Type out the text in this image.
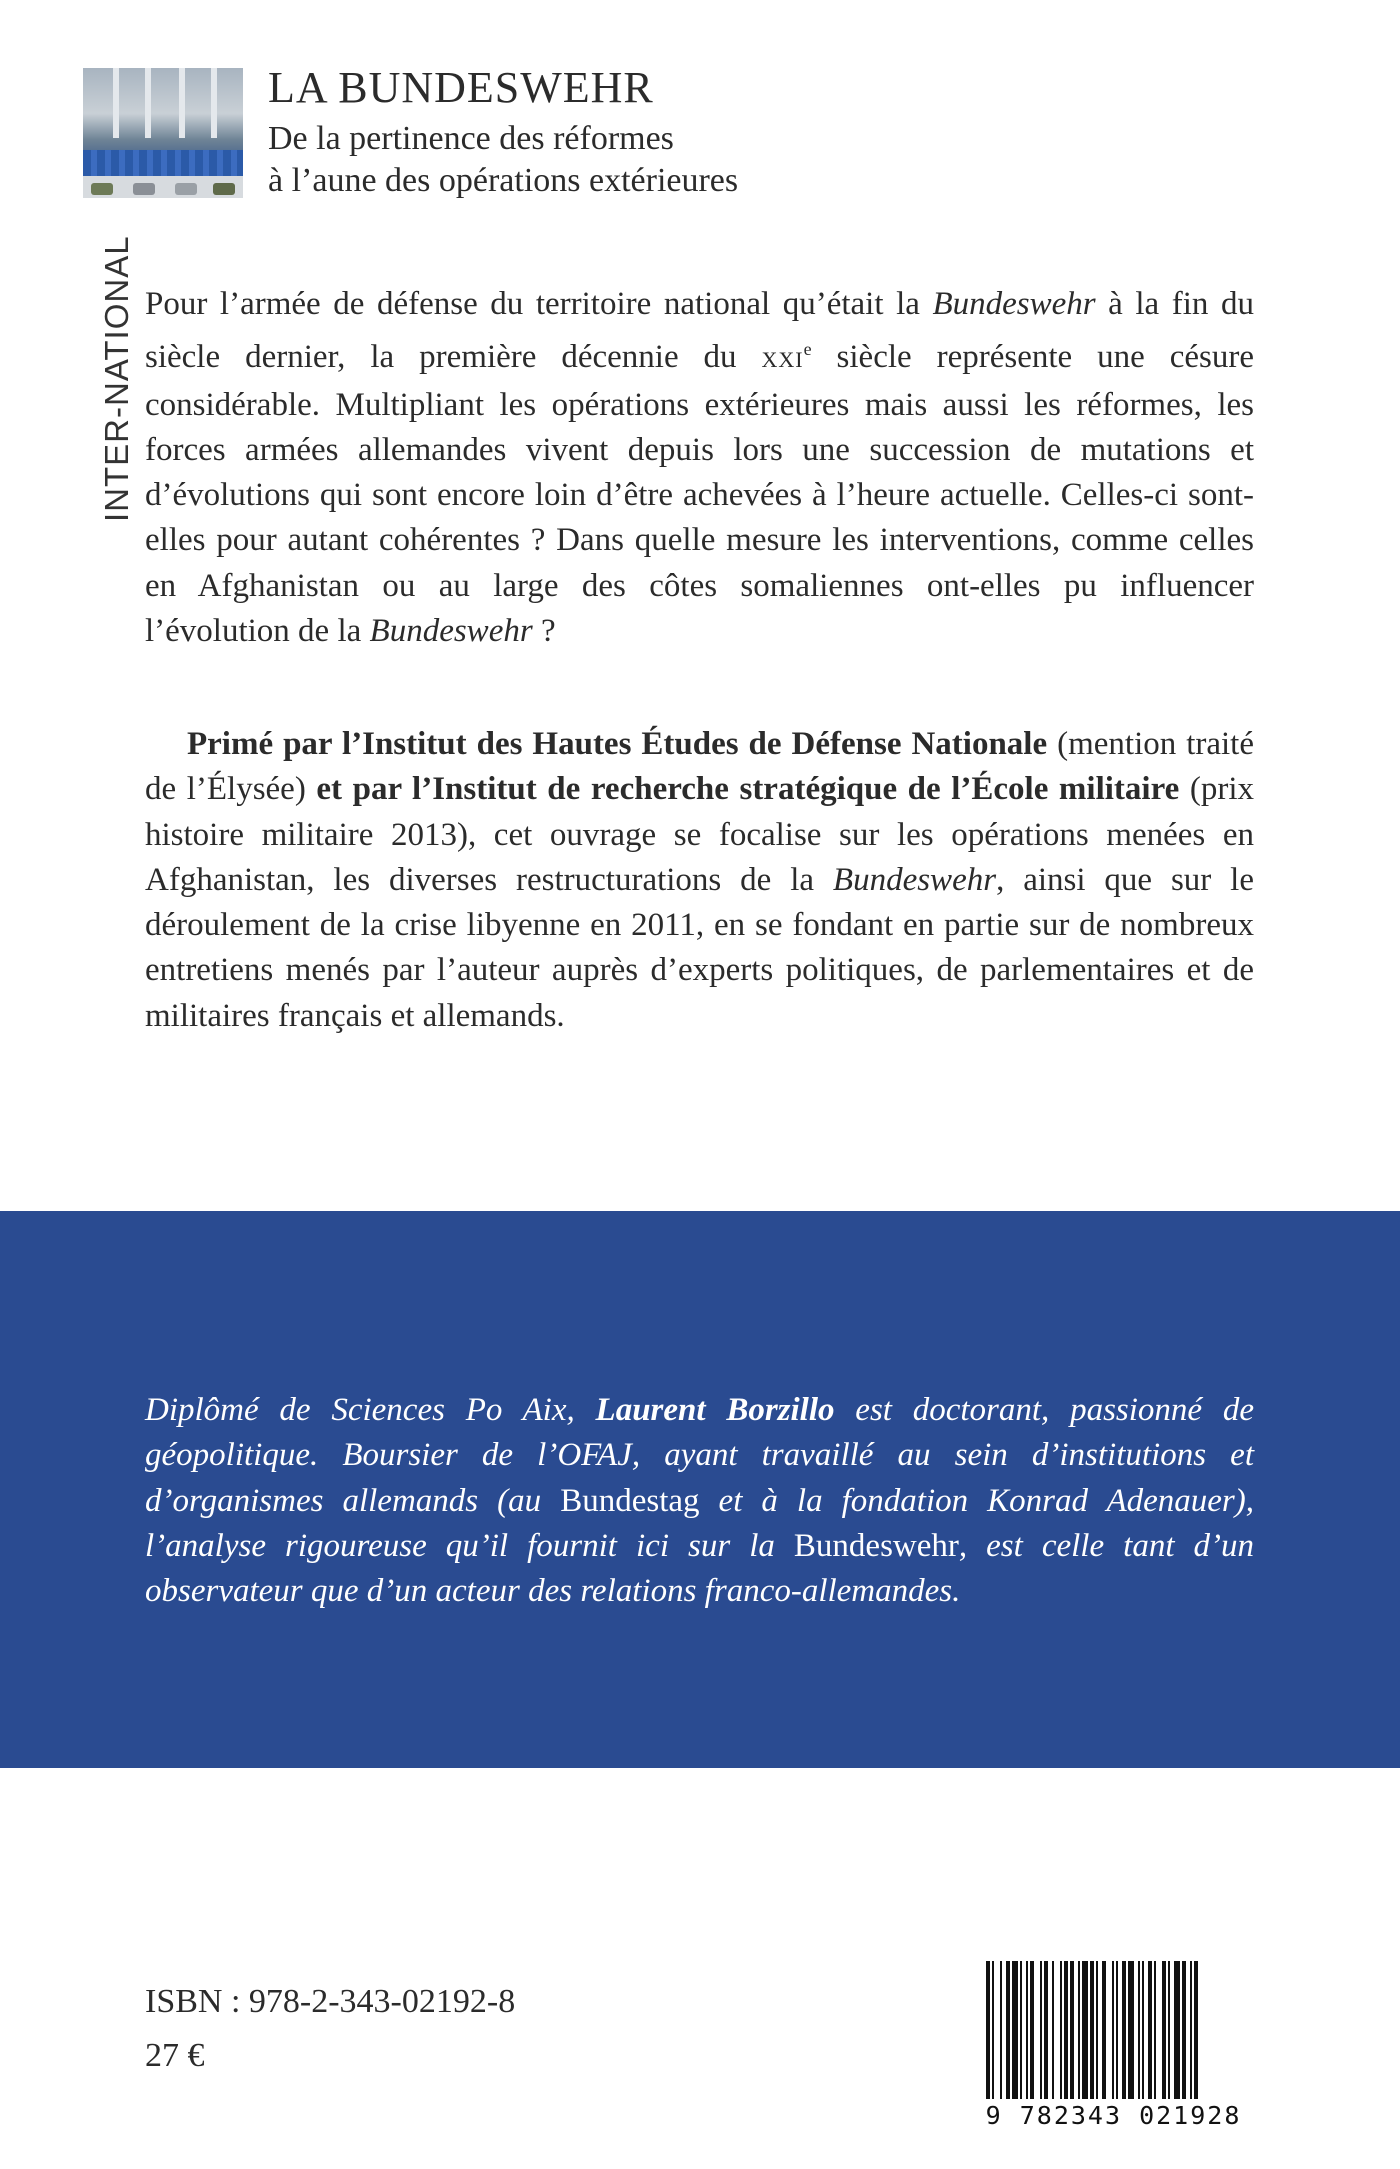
LA BUNDESWEHR
De la pertinence des réformes
à l’aune des opérations extérieures
INTER-NATIONAL Pour l’armée de défense du territoire national qu’était la Bundeswehr à la fin du siècle dernier, la première décennie du XXIe siècle représente une césure considérable. Multipliant les opérations extérieures mais aussi les réformes, les forces armées allemandes vivent depuis lors une succession de mutations et d’évolutions qui sont encore loin d’être achevées à l’heure actuelle. Celles-ci sont-elles pour autant cohérentes ? Dans quelle mesure les interventions, comme celles en Afghanistan ou au large des côtes somaliennes ont-elles pu influencer l’évolution de la Bundeswehr ?

Primé par l’Institut des Hautes Études de Défense Nationale (mention traité de l’Élysée) et par l’Institut de recherche stratégique de l’École militaire (prix histoire militaire 2013), cet ouvrage se focalise sur les opérations menées en Afghanistan, les diverses restructurations de la Bundeswehr, ainsi que sur le déroulement de la crise libyenne en 2011, en se fondant en partie sur de nombreux entretiens menés par l’auteur auprès d’experts politiques, de parlementaires et de militaires français et allemands.

Diplômé de Sciences Po Aix, Laurent Borzillo est doctorant, passionné de géopolitique. Boursier de l’OFAJ, ayant travaillé au sein d’institutions et d’organismes allemands (au Bundestag et à la fondation Konrad Adenauer), l’analyse rigoureuse qu’il fournit ici sur la Bundeswehr, est celle tant d’un observateur que d’un acteur des relations franco-allemandes.

ISBN : 978-2-343-02192-8
27 €
9 782343 021928
